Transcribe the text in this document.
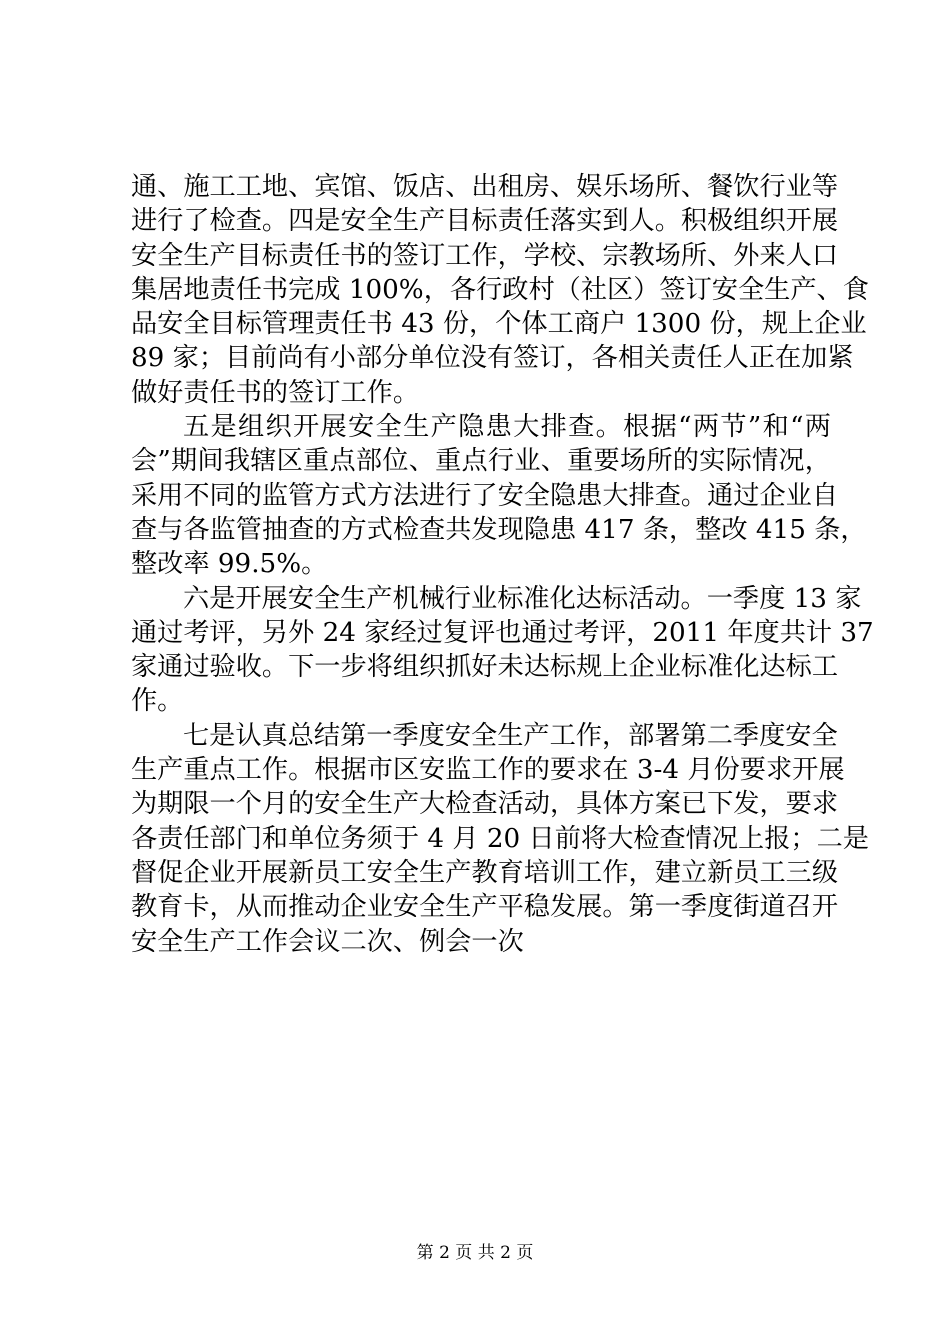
通、施工工地、宾馆、饭店、出租房、娱乐场所、餐饮行业等
进行了检查。四是安全生产目标责任落实到人。积极组织开展
安全生产目标责任书的签订工作，学校、宗教场所、外来人口
集居地责任书完成 100%，各行政村（社区）签订安全生产、食
品安全目标管理责任书 43 份，个体工商户 1300 份，规上企业
89 家；目前尚有小部分单位没有签订，各相关责任人正在加紧
做好责任书的签订工作。
五是组织开展安全生产隐患大排查。根据“两节”和“两
会”期间我辖区重点部位、重点行业、重要场所的实际情况，
采用不同的监管方式方法进行了安全隐患大排查。通过企业自
查与各监管抽查的方式检查共发现隐患 417 条，整改 415 条，
整改率 99.5%。
六是开展安全生产机械行业标准化达标活动。一季度 13 家
通过考评，另外 24 家经过复评也通过考评，2011 年度共计 37
家通过验收。下一步将组织抓好未达标规上企业标准化达标工
作。
七是认真总结第一季度安全生产工作，部署第二季度安全
生产重点工作。根据市区安监工作的要求在 3-4 月份要求开展
为期限一个月的安全生产大检查活动，具体方案已下发，要求
各责任部门和单位务须于 4 月 20 日前将大检查情况上报；二是
督促企业开展新员工安全生产教育培训工作，建立新员工三级
教育卡，从而推动企业安全生产平稳发展。第一季度街道召开
安全生产工作会议二次、例会一次
第 2 页 共 2 页
